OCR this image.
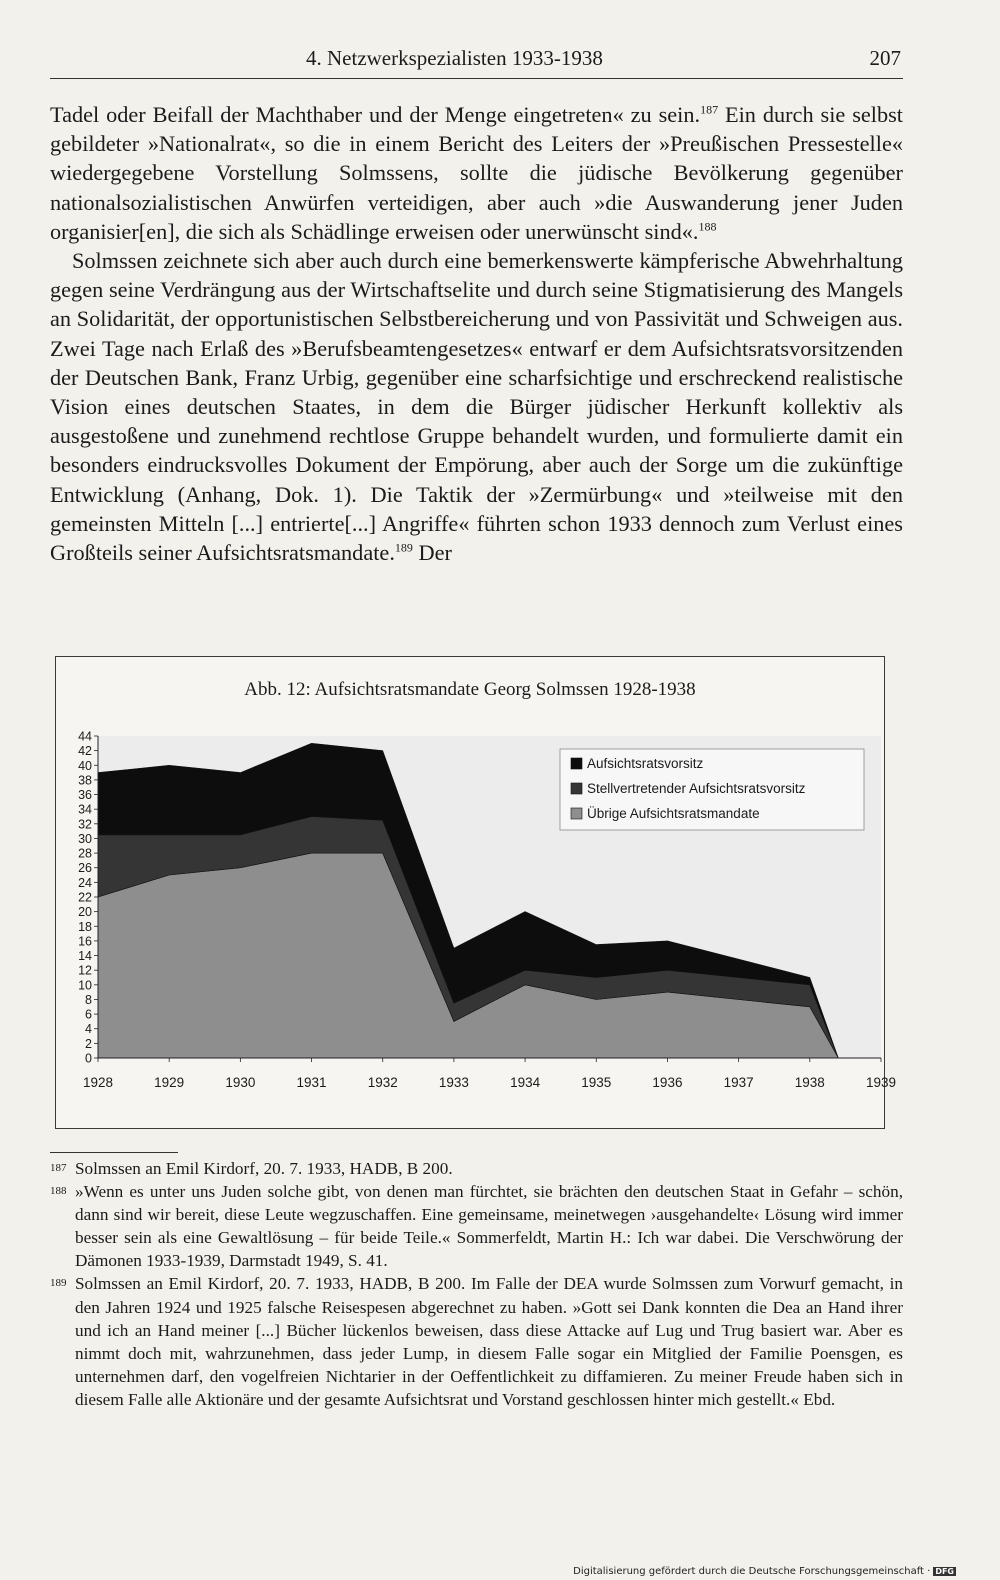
4. Netzwerkspezialisten 1933-1938	207

Tadel oder Beifall der Machthaber und der Menge eingetreten« zu sein.$^{187}$ Ein durch sie selbst gebildeter »Nationalrat«, so die in einem Bericht des Leiters der »Preußischen Pressestelle« wiedergegebene Vorstellung Solmssens, sollte die jüdische Bevölkerung gegenüber nationalsozialistischen Anwürfen verteidigen, aber auch »die Auswanderung jener Juden organisier[en], die sich als Schädlinge erweisen oder unerwünscht sind«.$^{188}$

Solmssen zeichnete sich aber auch durch eine bemerkenswerte kämpferische Abwehrhaltung gegen seine Verdrängung aus der Wirtschaftselite und durch seine Stigmatisierung des Mangels an Solidarität, der opportunistischen Selbstbereicherung und von Passivität und Schweigen aus. Zwei Tage nach Erlaß des »Berufsbeamtengesetzes« entwarf er dem Aufsichtsratsvorsitzenden der Deutschen Bank, Franz Urbig, gegenüber eine scharfsichtige und erschreckend realistische Vision eines deutschen Staates, in dem die Bürger jüdischer Herkunft kollektiv als ausgestoßene und zunehmend rechtlose Gruppe behandelt wurden, und formulierte damit ein besonders eindrucksvolles Dokument der Empörung, aber auch der Sorge um die zukünftige Entwicklung (Anhang, Dok. 1). Die Taktik der »Zermürbung« und »teilweise mit den gemeinsten Mitteln [...] entrierte[...] Angriffe« führten schon 1933 dennoch zum Verlust eines Großteils seiner Aufsichtsratsmandate.$^{189}$ Der

Abb. 12: Aufsichtsratsmandate Georg Solmssen 1928-1938
0
2
4
6
8
10
12
14
16
18
20
22
24
26
28
30
32
34
36
38
40
42
44
1928	1929	1930	1931	1932	1933	1934	1935	1936	1937	1938	1939
Aufsichtsratsvorsitz
Stellvertretender Aufsichtsratsvorsitz
Übrige Aufsichtsratsmandate
187 Solmssen an Emil Kirdorf, 20. 7. 1933, HADB, B 200.
188 »Wenn es unter uns Juden solche gibt, von denen man fürchtet, sie brächten den deutschen Staat in Gefahr – schön, dann sind wir bereit, diese Leute wegzuschaffen. Eine gemeinsame, meinetwegen ›ausgehandelte‹ Lösung wird immer besser sein als eine Gewaltlösung – für beide Teile.« Sommerfeldt, Martin H.: Ich war dabei. Die Verschwörung der Dämonen 1933-1939, Darmstadt 1949, S. 41.
189 Solmssen an Emil Kirdorf, 20. 7. 1933, HADB, B 200. Im Falle der DEA wurde Solmssen zum Vorwurf gemacht, in den Jahren 1924 und 1925 falsche Reisespesen abgerechnet zu haben. »Gott sei Dank konnten die Dea an Hand ihrer und ich an Hand meiner [...] Bücher lückenlos beweisen, dass diese Attacke auf Lug und Trug basiert war. Aber es nimmt doch mit, wahrzunehmen, dass jeder Lump, in diesem Falle sogar ein Mitglied der Familie Poensgen, es unternehmen darf, den vogelfreien Nichtarier in der Oeffentlichkeit zu diffamieren. Zu meiner Freude haben sich in diesem Falle alle Aktionäre und der gesamte Aufsichtsrat und Vorstand geschlossen hinter mich gestellt.« Ebd.
Digitalisierung gefördert durch die Deutsche Forschungsgemeinschaft · DFG
